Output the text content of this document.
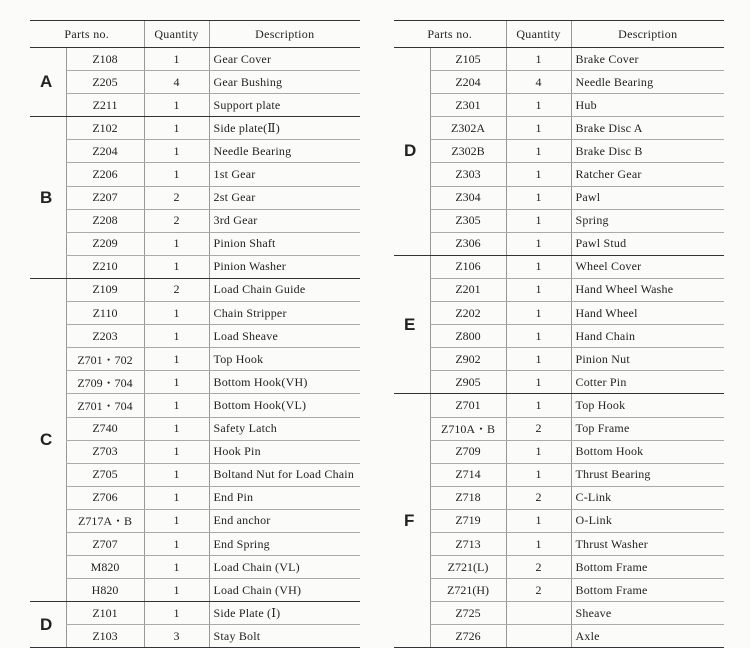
Parts no.		Quantity	Description
A	Z108	1	Gear Cover
	Z205	4	Gear Bushing
	Z211	1	Support plate
B	Z102	1	Side plate(Ⅱ)
	Z204	1	Needle Bearing
	Z206	1	1st Gear
	Z207	2	2st Gear
	Z208	2	3rd Gear
	Z209	1	Pinion Shaft
	Z210	1	Pinion Washer
C	Z109	2	Load Chain Guide
	Z110	1	Chain Stripper
	Z203	1	Load Sheave
	Z701・702	1	Top Hook
	Z709・704	1	Bottom Hook(VH)
	Z701・704	1	Bottom Hook(VL)
	Z740	1	Safety Latch
	Z703	1	Hook Pin
	Z705	1	Boltand Nut for Load Chain
	Z706	1	End Pin
	Z717A・B	1	End anchor
	Z707	1	End Spring
	M820	1	Load Chain (VL)
	H820	1	Load Chain (VH)
D	Z101	1	Side Plate (Ⅰ)
	Z103	3	Stay Bolt
Parts no.		Quantity	Description
D	Z105	1	Brake Cover
	Z204	4	Needle Bearing
	Z301	1	Hub
	Z302A	1	Brake Disc A
	Z302B	1	Brake Disc B
	Z303	1	Ratcher Gear
	Z304	1	Pawl
	Z305	1	Spring
	Z306	1	Pawl Stud
E	Z106	1	Wheel Cover
	Z201	1	Hand Wheel Washe
	Z202	1	Hand Wheel
	Z800	1	Hand Chain
	Z902	1	Pinion Nut
	Z905	1	Cotter Pin
F	Z701	1	Top Hook
	Z710A・B	2	Top Frame
	Z709	1	Bottom Hook
	Z714	1	Thrust Bearing
	Z718	2	C-Link
	Z719	1	O-Link
	Z713	1	Thrust Washer
	Z721(L)	2	Bottom Frame
	Z721(H)	2	Bottom Frame
	Z725		Sheave
	Z726		Axle
